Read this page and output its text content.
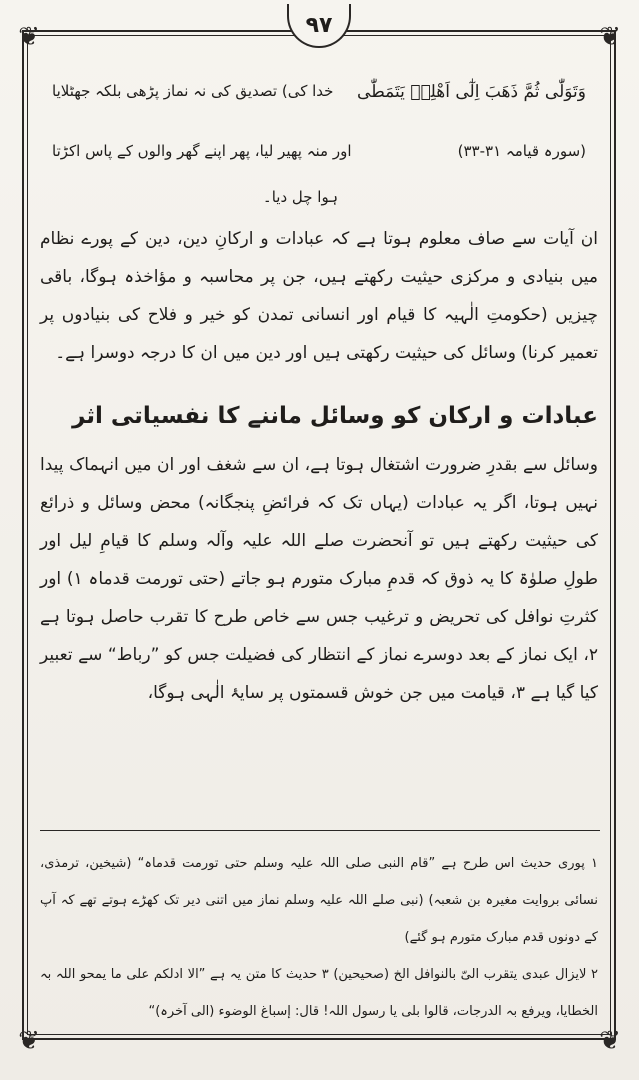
❦	❦
❦	❦
۹۷
وَتَوَلّٰى ثُمَّ ذَهَبَ اِلٰٓى اَهْلِهٖ يَتَمَطّٰى
خدا کی) تصدیق کی نہ نماز پڑھی بلکہ جھٹلایا
(سورہ قیامہ ۳۱-۳۳)
اور منہ پھیر لیا، پھر اپنے گھر والوں کے پاس اکڑتا
ہوا چل دیا۔

ان آیات سے صاف معلوم ہوتا ہے کہ عبادات و ارکانِ دین، دین کے پورے نظام میں بنیادی و مرکزی حیثیت رکھتے ہیں، جن پر محاسبہ و مؤاخذہ ہوگا، باقی چیزیں (حکومتِ الٰہیہ کا قیام اور انسانی تمدن کو خیر و فلاح کی بنیادوں پر تعمیر کرنا) وسائل کی حیثیت رکھتی ہیں اور دین میں ان کا درجہ دوسرا ہے۔

عبادات و ارکان کو وسائل ماننے کا نفسیاتی اثر

وسائل سے بقدرِ ضرورت اشتغال ہوتا ہے، ان سے شغف اور ان میں انہماک پیدا نہیں ہوتا، اگر یہ عبادات (یہاں تک کہ فرائضِ پنجگانہ) محض وسائل و ذرائع کی حیثیت رکھتے ہیں تو آنحضرت صلے اللہ علیہ وآلہ وسلم کا قیامِ لیل اور طولِ صلوٰۃ کا یہ ذوق کہ قدمِ مبارک متورم ہو جاتے (حتی تورمت قدماہ ١) اور کثرتِ نوافل کی تحریض و ترغیب جس سے خاص طرح کا تقرب حاصل ہوتا ہے ٢، ایک نماز کے بعد دوسرے نماز کے انتظار کی فضیلت جس کو ”رباط“ سے تعبیر کیا گیا ہے ٣، قیامت میں جن خوش قسمتوں پر سایۂ الٰہی ہوگا،

١ پوری حدیث اس طرح ہے ”قام النبی صلی اللہ علیہ وسلم حتی تورمت قدماہ“ (شیخین، ترمذی، نسائی بروایت مغیرہ بن شعبہ) (نبی صلے اللہ علیہ وسلم نماز میں اتنی دیر تک کھڑے ہوتے تھے کہ آپ کے دونوں قدم مبارک متورم ہو گئے)

٢ لایزال عبدی یتقرب الیّ بالنوافل الخ (صحیحین) ٣ حدیث کا متن یہ ہے ”الا ادلکم علی ما یمحو اللہ بہ الخطایا، ویرفع بہ الدرجات، قالوا بلی یا رسول اللہ! قال: إسباغ الوضوء (الی آخرہ)“
